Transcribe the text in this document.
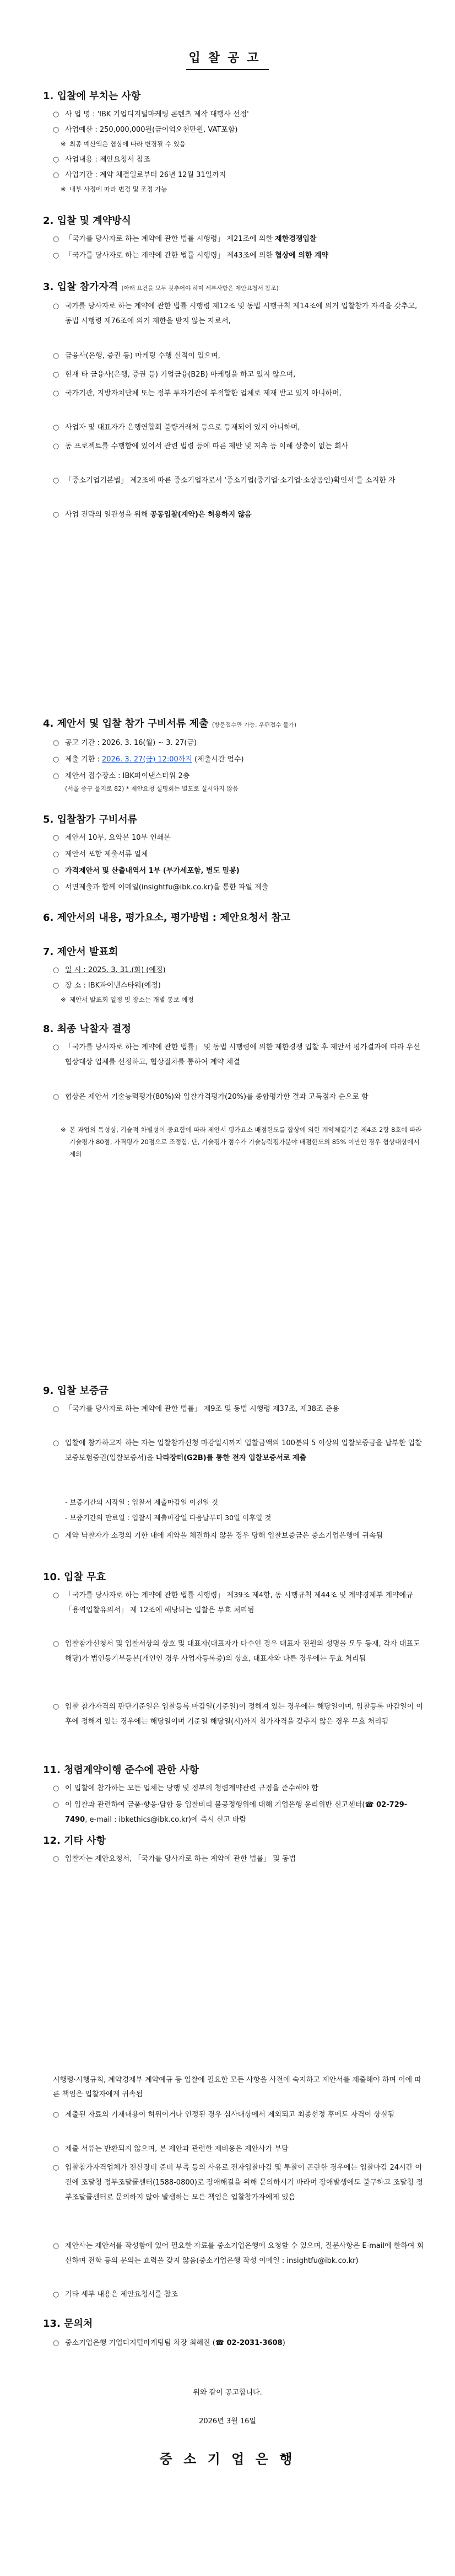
입찰공고
1. 입찰에 부치는 사항
○ 사 업 명 : 'IBK 기업디지털마케팅 콘텐츠 제작 대행사 선정'
○ 사업예산 : 250,000,000원(금이억오천만원, VAT포함)
※ 최종 예산액은 협상에 따라 변경될 수 있음
○ 사업내용 : 제안요청서 참조
○ 사업기간 : 계약 체결일로부터 26년 12월 31일까지
※ 내부 사정에 따라 변경 및 조정 가능
2. 입찰 및 계약방식
○ 「국가를 당사자로 하는 계약에 관한 법률 시행령」 제21조에 의한 제한경쟁입찰
○ 「국가를 당사자로 하는 계약에 관한 법률 시행령」 제43조에 의한 협상에 의한 계약
3. 입찰 참가자격 (아래 요건을 모두 갖추어야 하며 세부사항은 제안요청서 참조)
○ 국가를 당사자로 하는 계약에 관한 법률 시행령 제12조 및 동법 시행규칙 제14조에 의거 입찰참가 자격을 갖추고, 동법 시행령 제76조에 의거 제한을 받지 않는 자로서,
○ 금융사(은행, 증권 등) 마케팅 수행 실적이 있으며,
○ 현재 타 금융사(은행, 증권 등) 기업금융(B2B) 마케팅을 하고 있지 않으며,
○ 국가기관, 지방자치단체 또는 정부 투자기관에 부적합한 업체로 제재 받고 있지 아니하며,
○ 사업자 및 대표자가 은행연합회 불량거래처 등으로 등재되어 있지 아니하며,
○ 동 프로젝트를 수행함에 있어서 관련 법령 등에 따른 제반 및 저촉 등 이해 상충이 없는 회사
○ 「중소기업기본법」 제2조에 따른 중소기업자로서 '중소기업(중기업·소기업·소상공인)확인서'를 소지한 자
○ 사업 전략의 일관성을 위해 공동입찰(계약)은 허용하지 않음
4. 제안서 및 입찰 참가 구비서류 제출 (방문접수만 가능, 우편접수 불가)
○ 공고 기간 : 2026. 3. 16(월) ~ 3. 27(금)
○ 제출 기한 : 2026. 3. 27(금) 12:00까지 (제출시간 엄수)
○ 제안서 접수장소 : IBK파이낸스타워 2층
(서울 중구 을지로 82) * 제안요청 설명회는 별도로 실시하지 않음
5. 입찰참가 구비서류
○ 제안서 10부, 요약본 10부 인쇄본
○ 제안서 포함 제출서류 일체
○ 가격제안서 및 산출내역서 1부 (부가세포함, 별도 밀봉)
○ 서면제출과 함께 이메일(insightfu@ibk.co.kr)을 통한 파일 제출
6. 제안서의 내용, 평가요소, 평가방법 : 제안요청서 참고
7. 제안서 발표회
○ 일 시 : 2025. 3. 31.(화) (예정)
○ 장 소 : IBK파이낸스타워(예정)
※ 제안서 발표회 일정 및 장소는 개별 통보 예정
8. 최종 낙찰자 결정
○ 「국가를 당사자로 하는 계약에 관한 법률」 및 동법 시행령에 의한 제한경쟁 입찰 후 제안서 평가결과에 따라 우선협상대상 업체를 선정하고, 협상절차를 통하여 계약 체결
○ 협상은 제안서 기술능력평가(80%)와 입찰가격평가(20%)를 종합평가한 결과 고득점자 순으로 함
※ 본 과업의 특성상, 기술적 차별성이 중요함에 따라 제안서 평가요소 배점한도를 합상에 의한 계약체결기준 제4조 2항 8호에 따라 기술평가 80점, 가격평가 20점으로 조정함. 단, 기술평가 점수가 기술능력평가분야 배점한도의 85% 이만인 경우 협상대상에서 제외
9. 입찰 보증금
○ 「국가를 당사자로 하는 계약에 관한 법률」 제9조 및 동법 시행령 제37조, 제38조 준용
○ 입찰에 참가하고자 하는 자는 입찰참가신청 마감일시까지 입찰금액의 100분의 5 이상의 입찰보증금을 납부한 입찰보증보험증권(입찰보증서)을 나라장터(G2B)를 통한 전자 입찰보증서로 제출
- 보증기간의 시작일 : 입찰서 제출마감일 이전일 것
- 보증기간의 만료일 : 입찰서 제출마감일 다음날부터 30일 이후일 것
○ 계약 낙찰자가 소정의 기한 내에 계약을 체결하지 않을 경우 당해 입찰보증금은 중소기업은행에 귀속됨
10. 입찰 무효
○ 「국가를 당사자로 하는 계약에 관한 법률 시행령」 제39조 제4항, 동 시행규칙 제44조 및 계약경제부 계약예규 「용역입찰유의서」 제 12조에 해당되는 입찰은 무효 처리됨
○ 입찰참가신청서 및 입찰서상의 상호 및 대표자(대표자가 다수인 경우 대표자 전원의 성명을 모두 등재, 각자 대표도 해당)가 법인등기부등본(개인인 경우 사업자등록증)의 상호, 대표자와 다른 경우에는 무효 처리됨
○ 입찰 참가자격의 판단기준일은 입찰등록 마감일(기준일)이 정해져 있는 경우에는 해당일이며, 입찰등록 마감일이 이후에 정해져 있는 경우에는 해당일이며 기준일 해당일(시)까지 참가자격을 갖추지 않은 경우 무효 처리됨
11. 청렴계약이행 준수에 관한 사항
○ 이 입찰에 참가하는 모든 업체는 당행 및 정부의 청렴계약관련 규정을 준수해야 함
○ 이 입찰과 관련하여 금품·향응·담합 등 입찰비리 불공정행위에 대해 기업은행 윤리위반 신고센터(☎ 02-729-7490, e-mail : ibkethics@ibk.co.kr)에 즉시 신고 바람
12. 기타 사항
○ 입찰자는 제안요청서, 「국가를 당사자로 하는 계약에 관한 법률」 및 동법
시행령·시행규칙, 계약경제부 계약예규 등 입찰에 필요한 모든 사항을 사전에 숙지하고 제안서를 제출해야 하며 이에 따른 책임은 입찰자에게 귀속됨
○ 제출된 자료의 기재내용이 허위이거나 인정된 경우 심사대상에서 제외되고 최종선정 후에도 자격이 상실됨
○ 제출 서류는 반환되지 않으며, 본 제안과 관련한 제비용은 제안사가 부담
○ 입찰참가자격업체가 전산장비 준비 부족 등의 사유로 전자입찰마감 및 투찰이 곤란한 경우에는 입찰마감 24시간 이전에 조달청 정부조달콜센터(1588-0800)로 장애해결을 위해 문의하시기 바라며 장애발생에도 불구하고 조달청 정부조달콜센터로 문의하지 않아 발생하는 모든 책임은 입찰참가자에게 있음
○ 제안사는 제안서를 작성함에 있어 필요한 자료를 중소기업은행에 요청할 수 있으며, 질문사항은 E-mail에 한하여 회신하며 전화 등의 문의는 효력을 갖지 않음(중소기업은행 작성 이메일 : insightfu@ibk.co.kr)
○ 기타 세부 내용은 제안요청서를 참조
13. 문의처
○ 중소기업은행 기업디지털마케팅팀 차장 최혜진 (☎ 02-2031-3608)
위와 같이 공고합니다.
2026년 3월 16일
중 소 기 업 은 행
